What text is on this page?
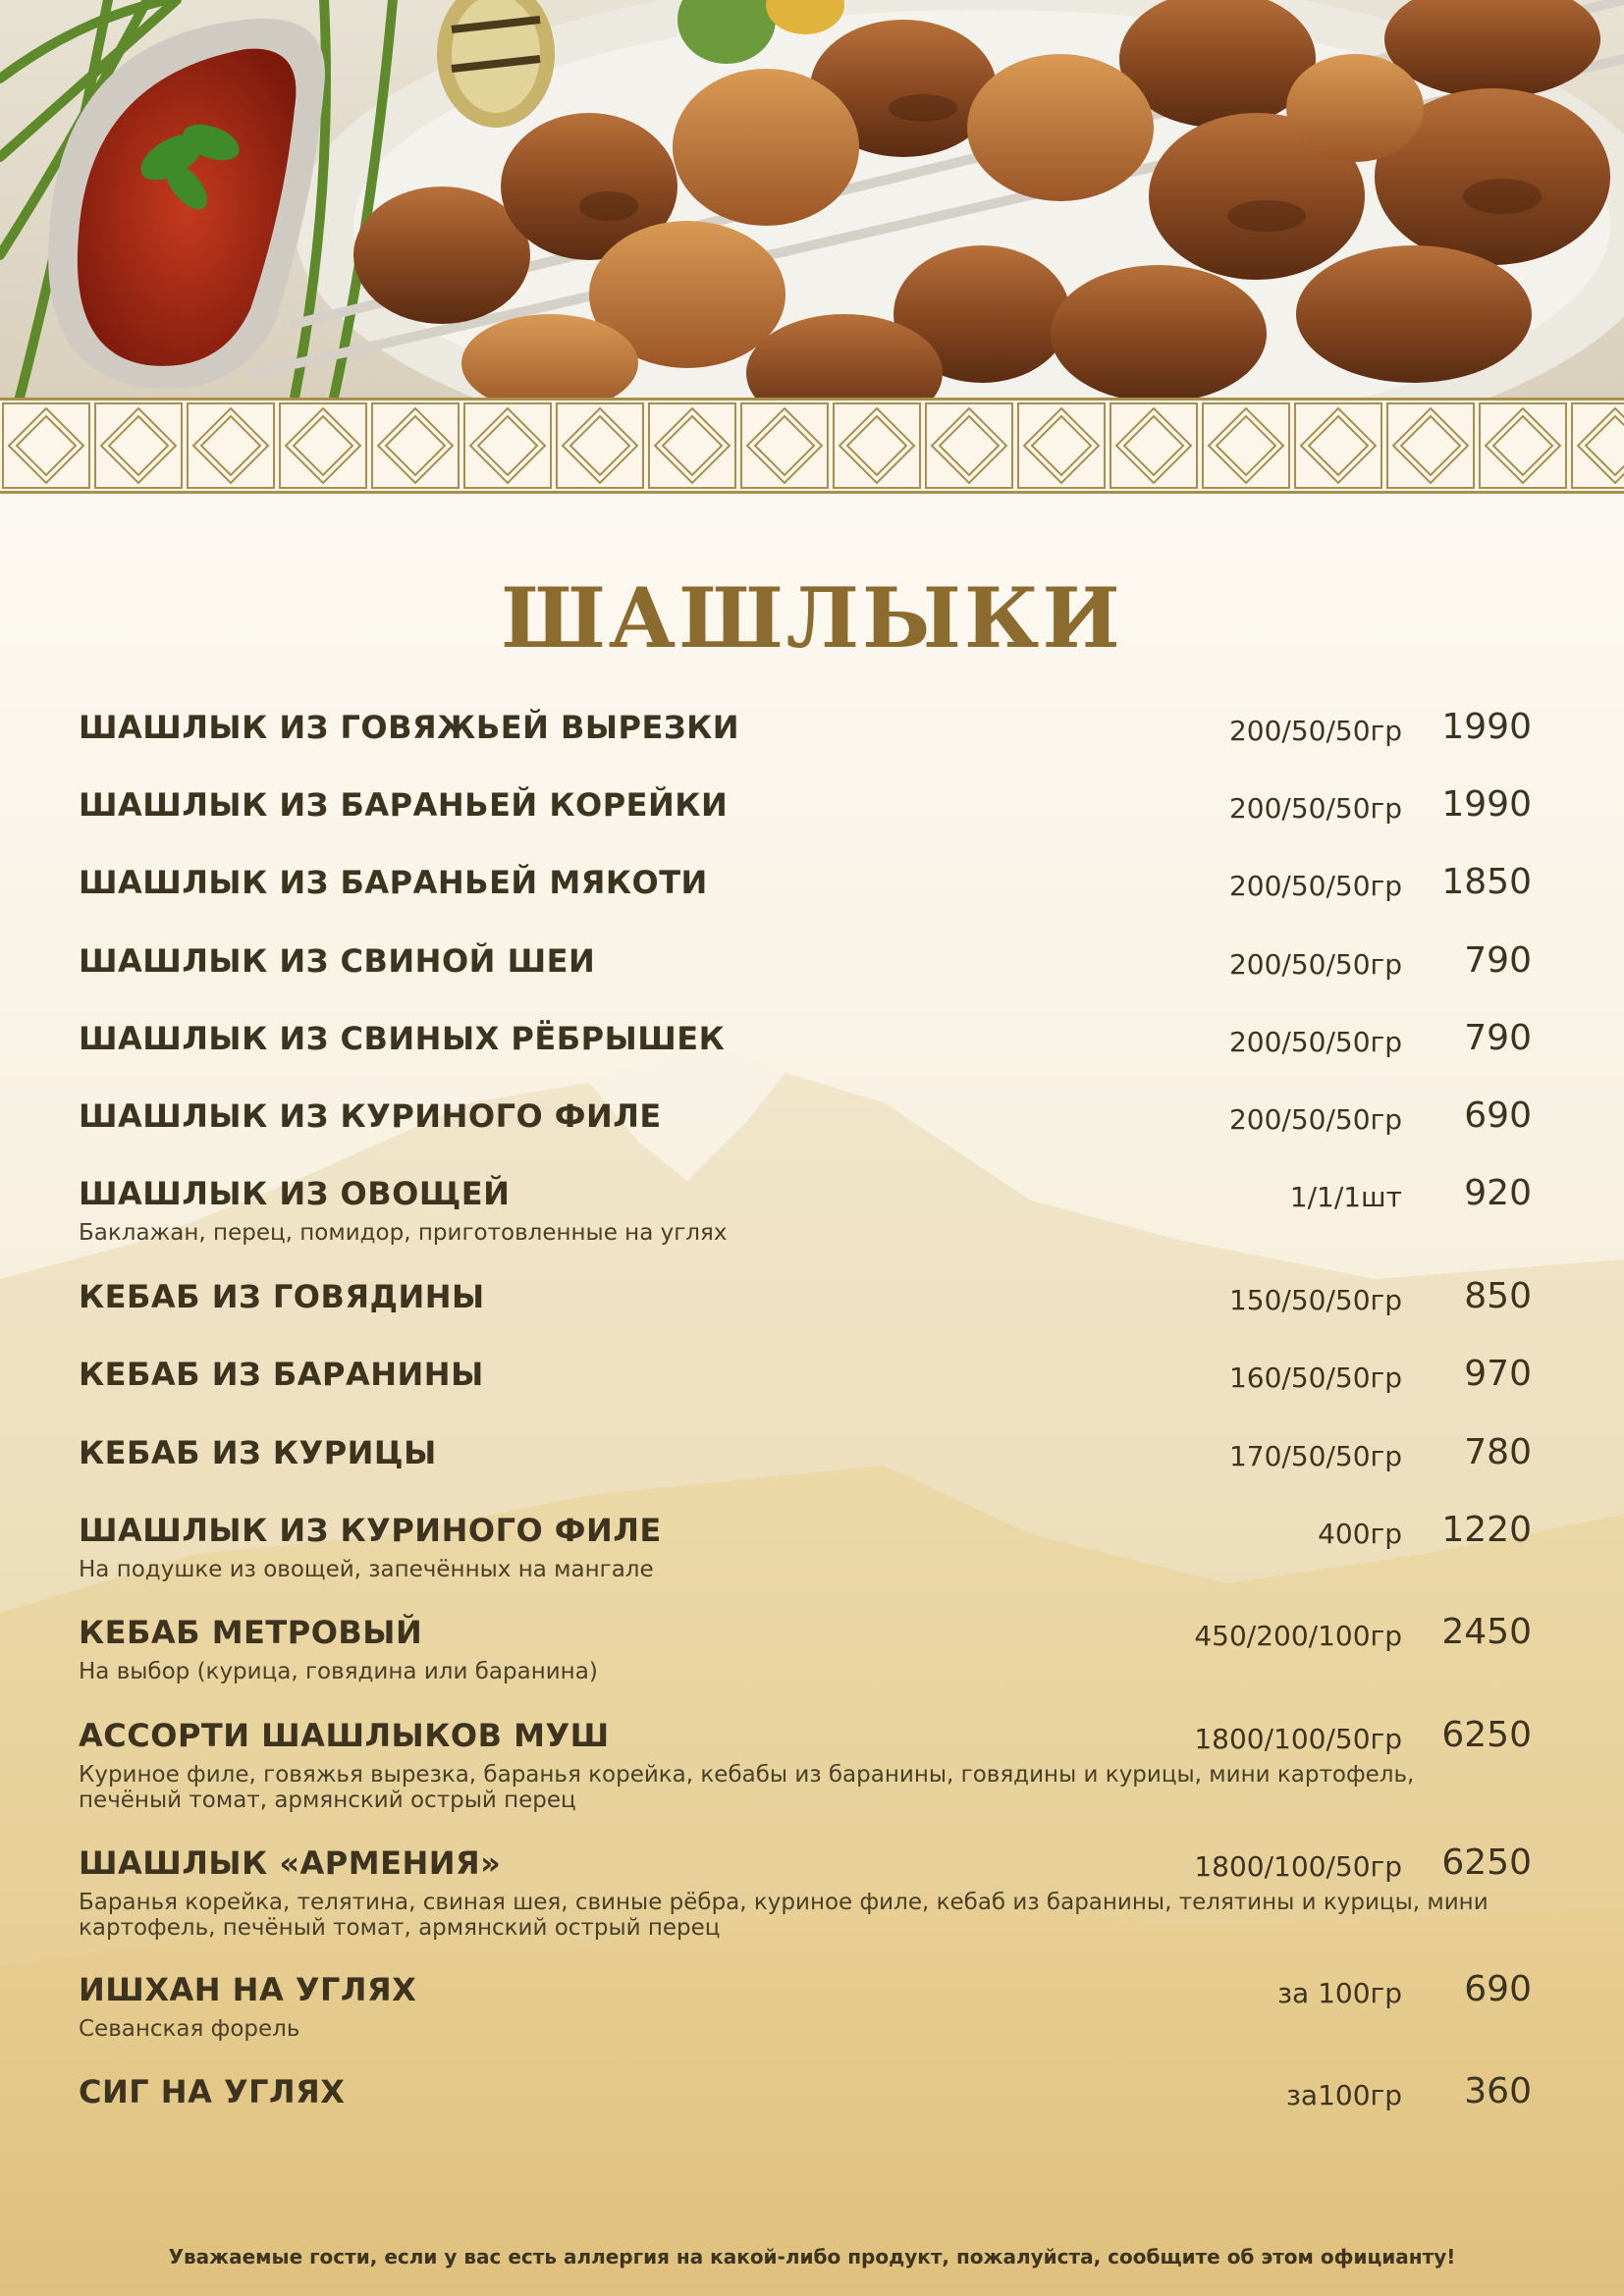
ШАШЛЫКИ
ШАШЛЫК ИЗ ГОВЯЖЬЕЙ ВЫРЕЗКИ	200/50/50гр 1990
ШАШЛЫК ИЗ БАРАНЬЕЙ КОРЕЙКИ	200/50/50гр 1990
ШАШЛЫК ИЗ БАРАНЬЕЙ МЯКОТИ	200/50/50гр 1850
ШАШЛЫК ИЗ СВИНОЙ ШЕИ	200/50/50гр 790
ШАШЛЫК ИЗ СВИНЫХ РЁБРЫШЕК	200/50/50гр 790
ШАШЛЫК ИЗ КУРИНОГО ФИЛЕ	200/50/50гр 690
ШАШЛЫК ИЗ ОВОЩЕЙ	1/1/1шт 920
Баклажан, перец, помидор, приготовленные на углях
КЕБАБ ИЗ ГОВЯДИНЫ	150/50/50гр 850
КЕБАБ ИЗ БАРАНИНЫ	160/50/50гр 970
КЕБАБ ИЗ КУРИЦЫ	170/50/50гр 780
ШАШЛЫК ИЗ КУРИНОГО ФИЛЕ	400гр 1220
На подушке из овощей, запечённых на мангале
КЕБАБ МЕТРОВЫЙ	450/200/100гр 2450
На выбор (курица, говядина или баранина)
АССОРТИ ШАШЛЫКОВ МУШ	1800/100/50гр 6250
Куриное филе, говяжья вырезка, баранья корейка, кебабы из баранины, говядины и курицы, мини картофель, печёный томат, армянский острый перец
ШАШЛЫК «АРМЕНИЯ»	1800/100/50гр 6250
Баранья корейка, телятина, свиная шея, свиные рёбра, куриное филе, кебаб из баранины, телятины и курицы, мини картофель, печёный томат, армянский острый перец
ИШХАН НА УГЛЯХ	за 100гр 690
Севанская форель
СИГ НА УГЛЯХ	за100гр 360
Уважаемые гости, если у вас есть аллергия на какой-либо продукт, пожалуйста, сообщите об этом официанту!
